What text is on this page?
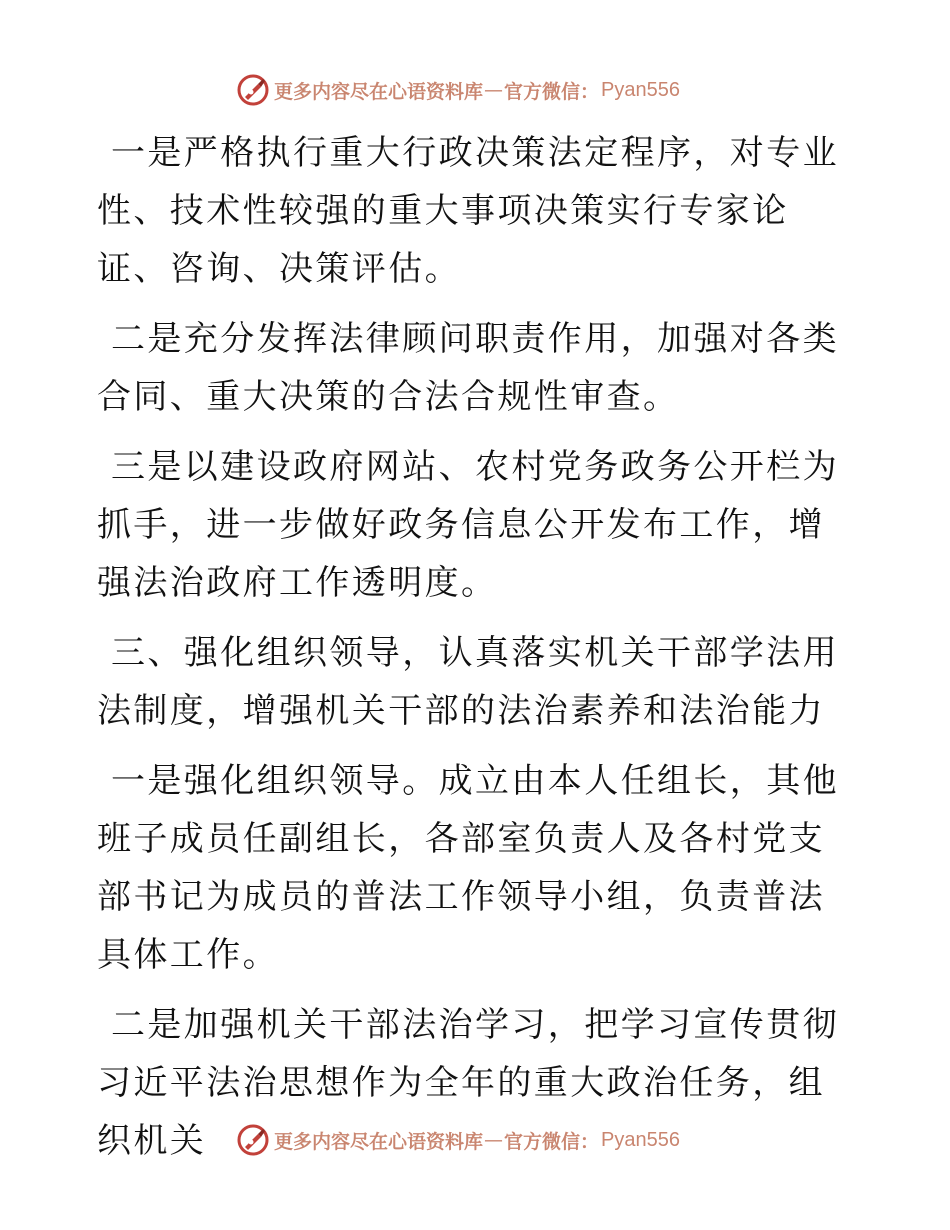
更多内容尽在心语资料库 — 官方微信： Pyan556

一是严格执行重大行政决策法定程序，对专业性、技术性较强的重大事项决策实行专家论证、咨询、决策评估。

二是充分发挥法律顾问职责作用，加强对各类合同、重大决策的合法合规性审查。

三是以建设政府网站、农村党务政务公开栏为抓手，进一步做好政务信息公开发布工作，增强法治政府工作透明度。

三、强化组织领导，认真落实机关干部学法用法制度，增强机关干部的法治素养和法治能力

一是强化组织领导。成立由本人任组长，其他班子成员任副组长，各部室负责人及各村党支部书记为成员的普法工作领导小组，负责普法具体工作。

二是加强机关干部法治学习，把学习宣传贯彻习近平法治思想作为全年的重大政治任务，组织机关	更多内容尽在心语资料库 — 官方微信： Pyan556
